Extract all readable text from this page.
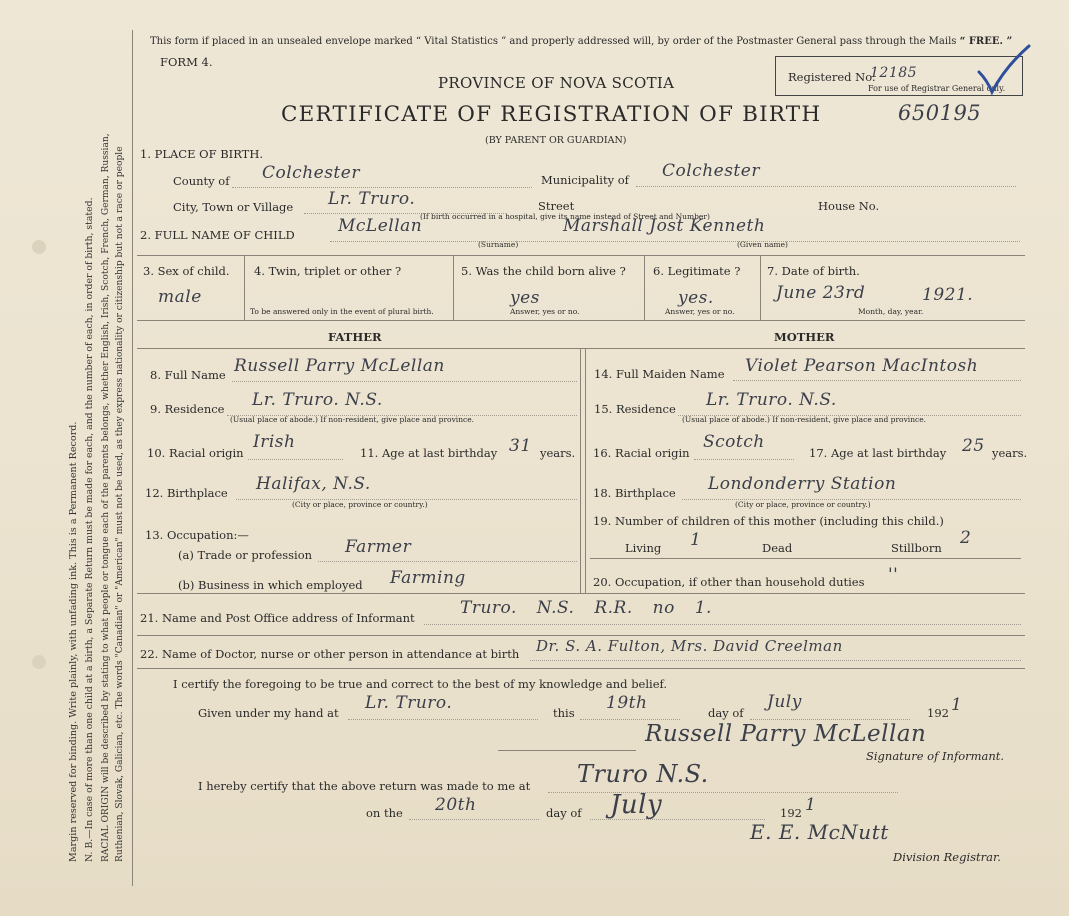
Margin reserved for binding. Write plainly, with unfading ink. This is a Permanent Record. N. B.—In case of more than one child at a birth, a Separate Return must be made for each, and the number of each, in order of birth, stated. RACIAL ORIGIN will be described by stating to what people or tongue each of the parents belongs, whether English, Irish, Scotch, French, German, Russian, Ruthenian, Slovak, Galician, etc. The words "Canadian" or "American" must not be used, as they express nationality or citizenship but not a race or people
This form if placed in an unsealed envelope marked “ Vital Statistics ” and properly addressed will, by order of the Postmaster General pass through the Mails “ FREE. ”
FORM 4.
PROVINCE OF NOVA SCOTIA
CERTIFICATE OF REGISTRATION OF BIRTH	650195
(BY PARENT OR GUARDIAN)
Registered No.
12185
For use of Registrar General only.
1. PLACE OF BIRTH.
County of Colchester	Municipality of Colchester
City, Town or Village Lr. Truro.	Street	House No.
(If birth occurred in a hospital, give its name instead of Street and Number)
2. FULL NAME OF CHILD	McLellan	Marshall Jost Kenneth
(Surname)	(Given name)
3. Sex of child.
male
4. Twin, triplet or other ?
To be answered only in the event of plural birth.
5. Was the child born alive ?
yes
Answer, yes or no.
6. Legitimate ?
yes.
Answer, yes or no.
7. Date of birth.
June 23rd	1921.
Month, day, year.
FATHER	MOTHER
8. Full Name Russell Parry McLellan
9. Residence Lr. Truro. N.S.
(Usual place of abode.) If non-resident, give place and province.
10. Racial origin
Irish
11. Age at last birthday 31 years.
12. Birthplace Halifax, N.S.
(City or place, province or country.)
13. Occupation:—
(a) Trade or profession Farmer
(b) Business in which employed Farming
14. Full Maiden Name Violet Pearson MacIntosh
15. Residence Lr. Truro. N.S.
(Usual place of abode.) If non-resident, give place and province.
16. Racial origin
Scotch
17. Age at last birthday 25 years.
18. Birthplace Londonderry Station
(City or place, province or country.)
19. Number of children of this mother (including this child.)
Living 1	Dead	Stillborn 2
20. Occupation, if other than household duties ''
21. Name and Post Office address of Informant	Truro. N.S. R.R. no 1.
22. Name of Doctor, nurse or other person in attendance at birth Dr. S. A. Fulton, Mrs. David Creelman
I certify the foregoing to be true and correct to the best of my knowledge and belief.
Given under my hand at Lr. Truro.	this 19th	day of
July
192 1
Russell Parry McLellan
Signature of Informant.
I hereby certify that the above return was made to me at Truro N.S.
on the 20th	day of July	192 1
E. E. McNutt
Division Registrar.
